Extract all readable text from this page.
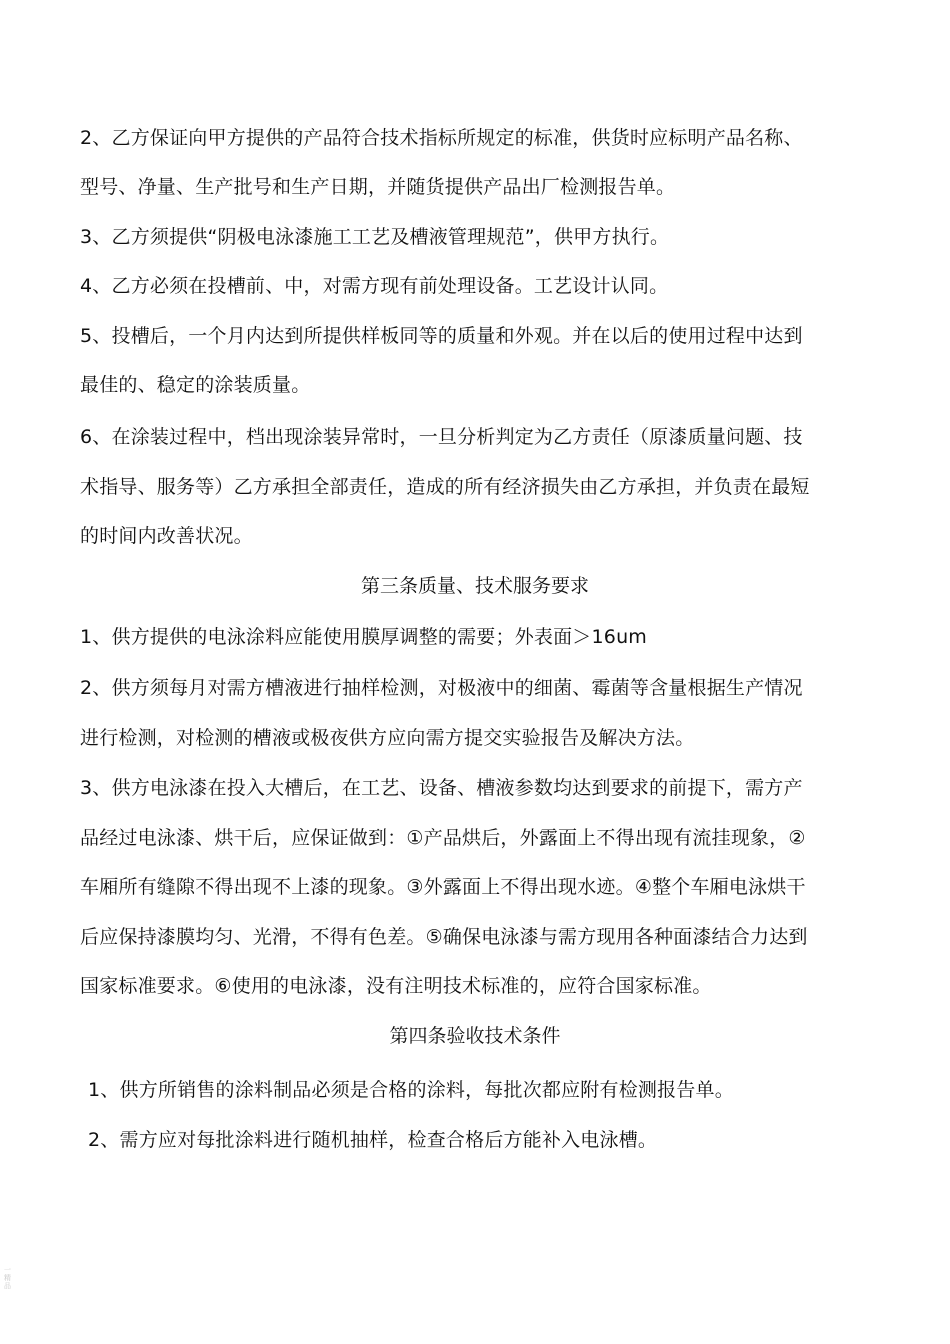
2、乙方保证向甲方提供的产品符合技术指标所规定的标准，供货时应标明产品名称、
型号、净量、生产批号和生产日期，并随货提供产品出厂检测报告单。
3、乙方须提供“阴极电泳漆施工工艺及槽液管理规范”，供甲方执行。
4、乙方必须在投槽前、中，对需方现有前处理设备。工艺设计认同。
5、投槽后，一个月内达到所提供样板同等的质量和外观。并在以后的使用过程中达到
最佳的、稳定的涂装质量。
6、在涂装过程中，档出现涂装异常时，一旦分析判定为乙方责任（原漆质量问题、技
术指导、服务等）乙方承担全部责任，造成的所有经济损失由乙方承担，并负责在最短
的时间内改善状况。
第三条质量、技术服务要求
1、供方提供的电泳涂料应能使用膜厚调整的需要；外表面＞16um
2、供方须每月对需方槽液进行抽样检测，对极液中的细菌、霉菌等含量根据生产情况
进行检测，对检测的槽液或极夜供方应向需方提交实验报告及解决方法。
3、供方电泳漆在投入大槽后，在工艺、设备、槽液参数均达到要求的前提下，需方产
品经过电泳漆、烘干后，应保证做到：①产品烘后，外露面上不得出现有流挂现象，②
车厢所有缝隙不得出现不上漆的现象。③外露面上不得出现水迹。④整个车厢电泳烘干
后应保持漆膜均匀、光滑，不得有色差。⑤确保电泳漆与需方现用各种面漆结合力达到
国家标准要求。⑥使用的电泳漆，没有注明技术标准的，应符合国家标准。
第四条验收技术条件
1、供方所销售的涂料制品必须是合格的涂料，每批次都应附有检测报告单。
2、需方应对每批涂料进行随机抽样，检查合格后方能补入电泳槽。
一精品
